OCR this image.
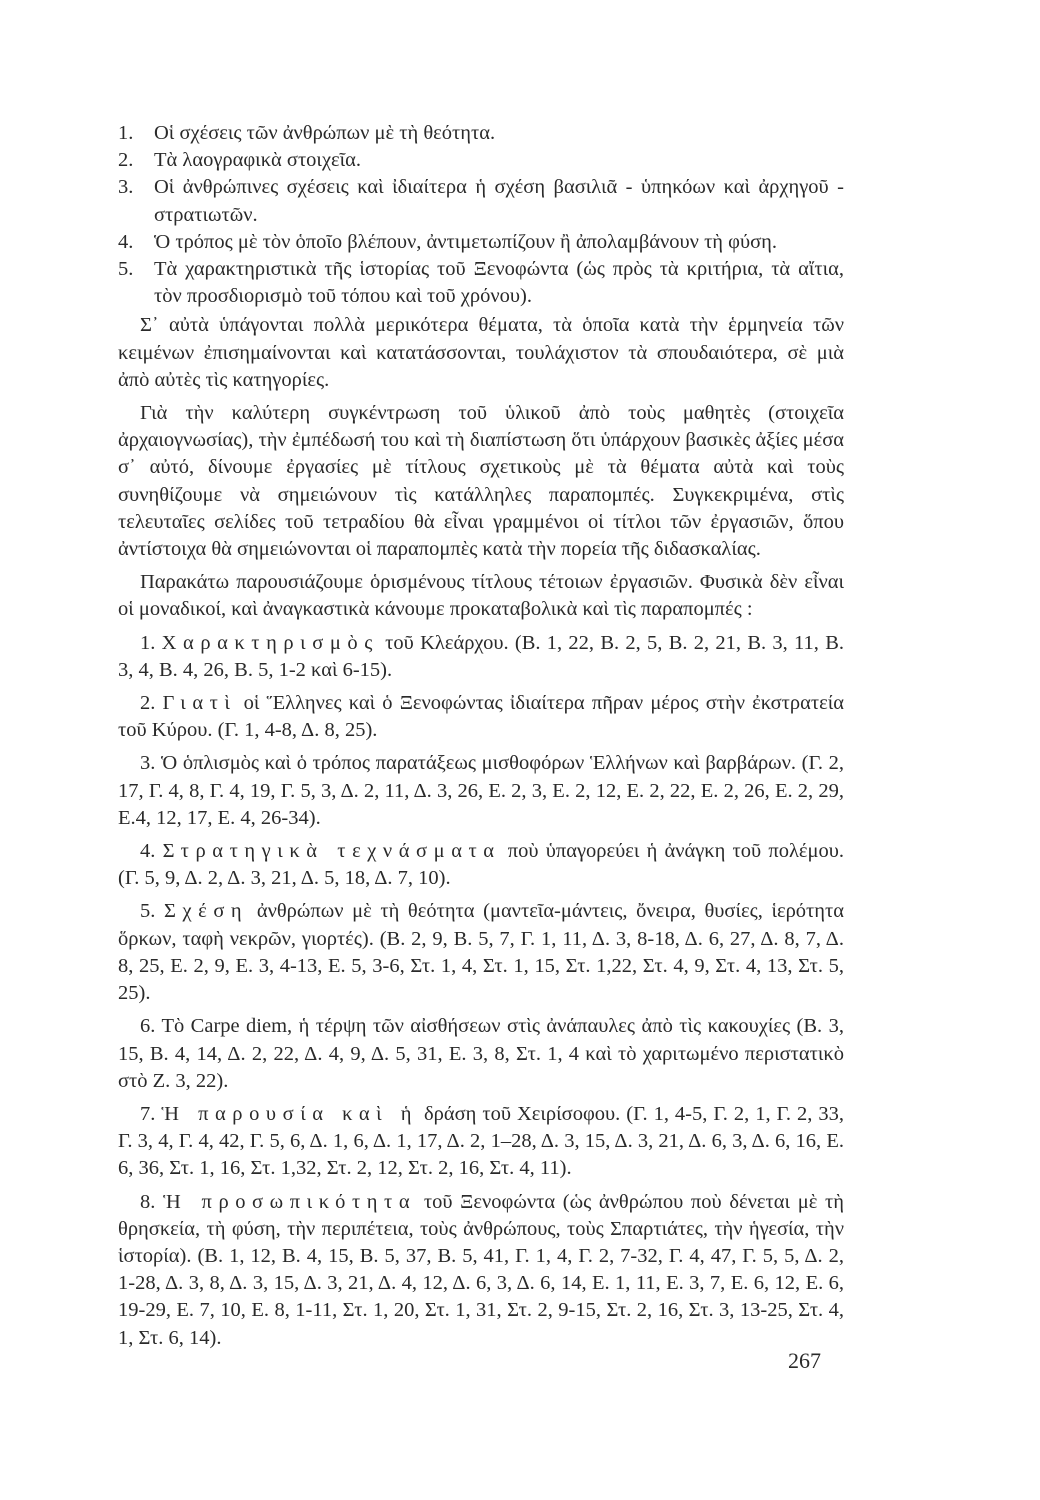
1. Οἱ σχέσεις τῶν ἀνθρώπων μὲ τὴ θεότητα.
2. Τὰ λαογραφικὰ στοιχεῖα.
3. Οἱ ἀνθρώπινες σχέσεις καὶ ἰδιαίτερα ἡ σχέση βασιλιᾶ - ὑπηκόων καὶ ἀρχηγοῦ - στρατιωτῶν.
4. Ὁ τρόπος μὲ τὸν ὁποῖο βλέπουν, ἀντιμετωπίζουν ἢ ἀπολαμβάνουν τὴ φύση.
5. Τὰ χαρακτηριστικὰ τῆς ἱστορίας τοῦ Ξενοφώντα (ὡς πρὸς τὰ κριτήρια, τὰ αἴτια, τὸν προσδιορισμὸ τοῦ τόπου καὶ τοῦ χρόνου).

Σ᾿ αὐτὰ ὑπάγονται πολλὰ μερικότερα θέματα, τὰ ὁποῖα κατὰ τὴν ἑρμηνεία τῶν κειμένων ἐπισημαίνονται καὶ κατατάσσονται, τουλάχιστον τὰ σπουδαιότερα, σὲ μιὰ ἀπὸ αὐτὲς τὶς κατηγορίες.

Γιὰ τὴν καλύτερη συγκέντρωση τοῦ ὑλικοῦ ἀπὸ τοὺς μαθητὲς (στοιχεῖα ἀρχαιογνωσίας), τὴν ἐμπέδωσή του καὶ τὴ διαπίστωση ὅτι ὑπάρχουν βασικὲς ἀξίες μέσα σ᾿ αὐτό, δίνουμε ἐργασίες μὲ τίτλους σχετικοὺς μὲ τὰ θέματα αὐτὰ καὶ τοὺς συνηθίζουμε νὰ σημειώνουν τὶς κατάλληλες παραπομπές. Συγκεκριμένα, στὶς τελευταῖες σελίδες τοῦ τετραδίου θὰ εἶναι γραμμένοι οἱ τίτλοι τῶν ἐργασιῶν, ὅπου ἀντίστοιχα θὰ σημειώνονται οἱ παραπομπὲς κατὰ τὴν πορεία τῆς διδασκαλίας.

Παρακάτω παρουσιάζουμε ὁρισμένους τίτλους τέτοιων ἐργασιῶν. Φυσικὰ δὲν εἶναι οἱ μοναδικοί, καὶ ἀναγκαστικὰ κάνουμε προκαταβολικὰ καὶ τὶς παραπομπές :

1. Χαρακτηρισμὸς τοῦ Κλεάρχου. (Β. 1, 22, Β. 2, 5, Β. 2, 21, Β. 3, 11, Β. 3, 4, Β. 4, 26, Β. 5, 1-2 καὶ 6-15).

2. Γιατὶ οἱ Ἕλληνες καὶ ὁ Ξενοφώντας ἰδιαίτερα πῆραν μέρος στὴν ἐκστρατεία τοῦ Κύρου. (Γ. 1, 4-8, Δ. 8, 25).

3. Ὁ ὁπλισμὸς καὶ ὁ τρόπος παρατάξεως μισθοφόρων Ἑλλήνων καὶ βαρβάρων. (Γ. 2, 17, Γ. 4, 8, Γ. 4, 19, Γ. 5, 3, Δ. 2, 11, Δ. 3, 26, Ε. 2, 3, Ε. 2, 12, Ε. 2, 22, Ε. 2, 26, Ε. 2, 29, Ε.4, 12, 17, Ε. 4, 26-34).

4. Στρατηγικὰ τεχνάσματα ποὺ ὑπαγορεύει ἡ ἀνάγκη τοῦ πολέμου. (Γ. 5, 9, Δ. 2, Δ. 3, 21, Δ. 5, 18, Δ. 7, 10).

5. Σχέση ἀνθρώπων μὲ τὴ θεότητα (μαντεῖα-μάντεις, ὄνειρα, θυσίες, ἱερότητα ὅρκων, ταφὴ νεκρῶν, γιορτές). (Β. 2, 9, Β. 5, 7, Γ. 1, 11, Δ. 3, 8-18, Δ. 6, 27, Δ. 8, 7, Δ. 8, 25, Ε. 2, 9, Ε. 3, 4-13, Ε. 5, 3-6, Στ. 1, 4, Στ. 1, 15, Στ. 1,22, Στ. 4, 9, Στ. 4, 13, Στ. 5, 25).

6. Τὸ Carpe diem, ἡ τέρψη τῶν αἰσθήσεων στὶς ἀνάπαυλες ἀπὸ τὶς κακουχίες (Β. 3, 15, Β. 4, 14, Δ. 2, 22, Δ. 4, 9, Δ. 5, 31, Ε. 3, 8, Στ. 1, 4 καὶ τὸ χαριτωμένο περιστατικὸ στὸ Ζ. 3, 22).

7. Ἡ παρουσία καὶ ἡ δράση τοῦ Χειρίσοφου. (Γ. 1, 4-5, Γ. 2, 1, Γ. 2, 33, Γ. 3, 4, Γ. 4, 42, Γ. 5, 6, Δ. 1, 6, Δ. 1, 17, Δ. 2, 1–28, Δ. 3, 15, Δ. 3, 21, Δ. 6, 3, Δ. 6, 16, Ε. 6, 36, Στ. 1, 16, Στ. 1,32, Στ. 2, 12, Στ. 2, 16, Στ. 4, 11).

8. Ἡ προσωπικότητα τοῦ Ξενοφώντα (ὡς ἀνθρώπου ποὺ δένεται μὲ τὴ θρησκεία, τὴ φύση, τὴν περιπέτεια, τοὺς ἀνθρώπους, τοὺς Σπαρτιάτες, τὴν ἡγεσία, τὴν ἱστορία). (Β. 1, 12, Β. 4, 15, Β. 5, 37, Β. 5, 41, Γ. 1, 4, Γ. 2, 7-32, Γ. 4, 47, Γ. 5, 5, Δ. 2, 1-28, Δ. 3, 8, Δ. 3, 15, Δ. 3, 21, Δ. 4, 12, Δ. 6, 3, Δ. 6, 14, Ε. 1, 11, Ε. 3, 7, Ε. 6, 12, Ε. 6, 19-29, Ε. 7, 10, Ε. 8, 1-11, Στ. 1, 20, Στ. 1, 31, Στ. 2, 9-15, Στ. 2, 16, Στ. 3, 13-25, Στ. 4, 1, Στ. 6, 14).

267
